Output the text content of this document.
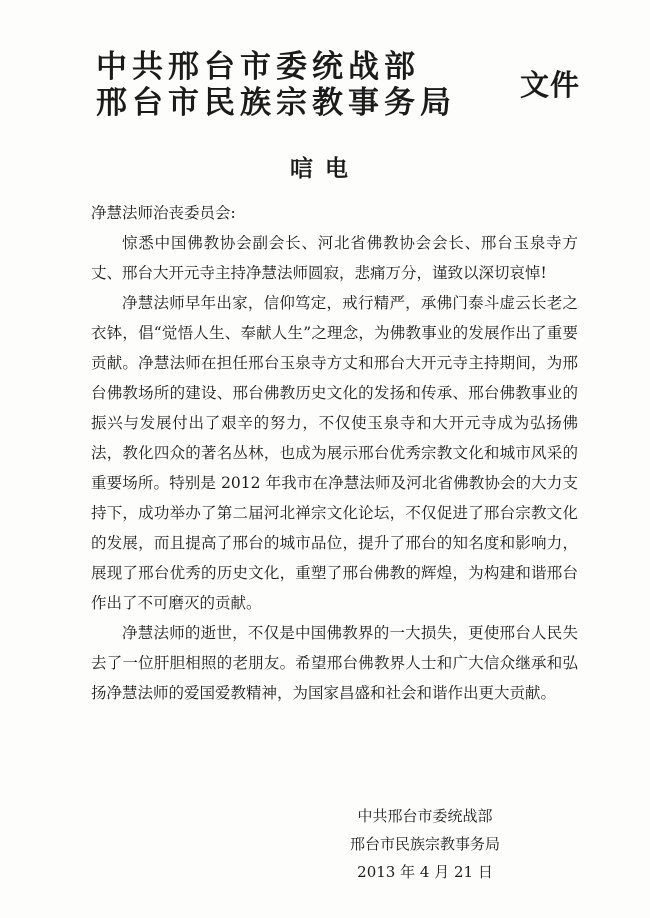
中共邢台市委统战部
邢台市民族宗教事务局	文件
唁电

净慧法师治丧委员会:

惊悉中国佛教协会副会长、河北省佛教协会会长、邢台玉泉寺方丈、邢台大开元寺主持净慧法师圆寂，悲痛万分，谨致以深切哀悼!

净慧法师早年出家，信仰笃定，戒行精严，承佛门泰斗虚云长老之衣钵，倡“觉悟人生、奉献人生”之理念，为佛教事业的发展作出了重要贡献。净慧法师在担任邢台玉泉寺方丈和邢台大开元寺主持期间，为邢台佛教场所的建设、邢台佛教历史文化的发扬和传承、邢台佛教事业的振兴与发展付出了艰辛的努力，不仅使玉泉寺和大开元寺成为弘扬佛法，教化四众的著名丛林，也成为展示邢台优秀宗教文化和城市风采的重要场所。特别是 2012 年我市在净慧法师及河北省佛教协会的大力支持下，成功举办了第二届河北禅宗文化论坛，不仅促进了邢台宗教文化的发展，而且提高了邢台的城市品位，提升了邢台的知名度和影响力，展现了邢台优秀的历史文化，重塑了邢台佛教的辉煌，为构建和谐邢台作出了不可磨灭的贡献。

净慧法师的逝世，不仅是中国佛教界的一大损失，更使邢台人民失去了一位肝胆相照的老朋友。希望邢台佛教界人士和广大信众继承和弘扬净慧法师的爱国爱教精神，为国家昌盛和社会和谐作出更大贡献。

中共邢台市委统战部
邢台市民族宗教事务局
2013 年 4 月 21 日
